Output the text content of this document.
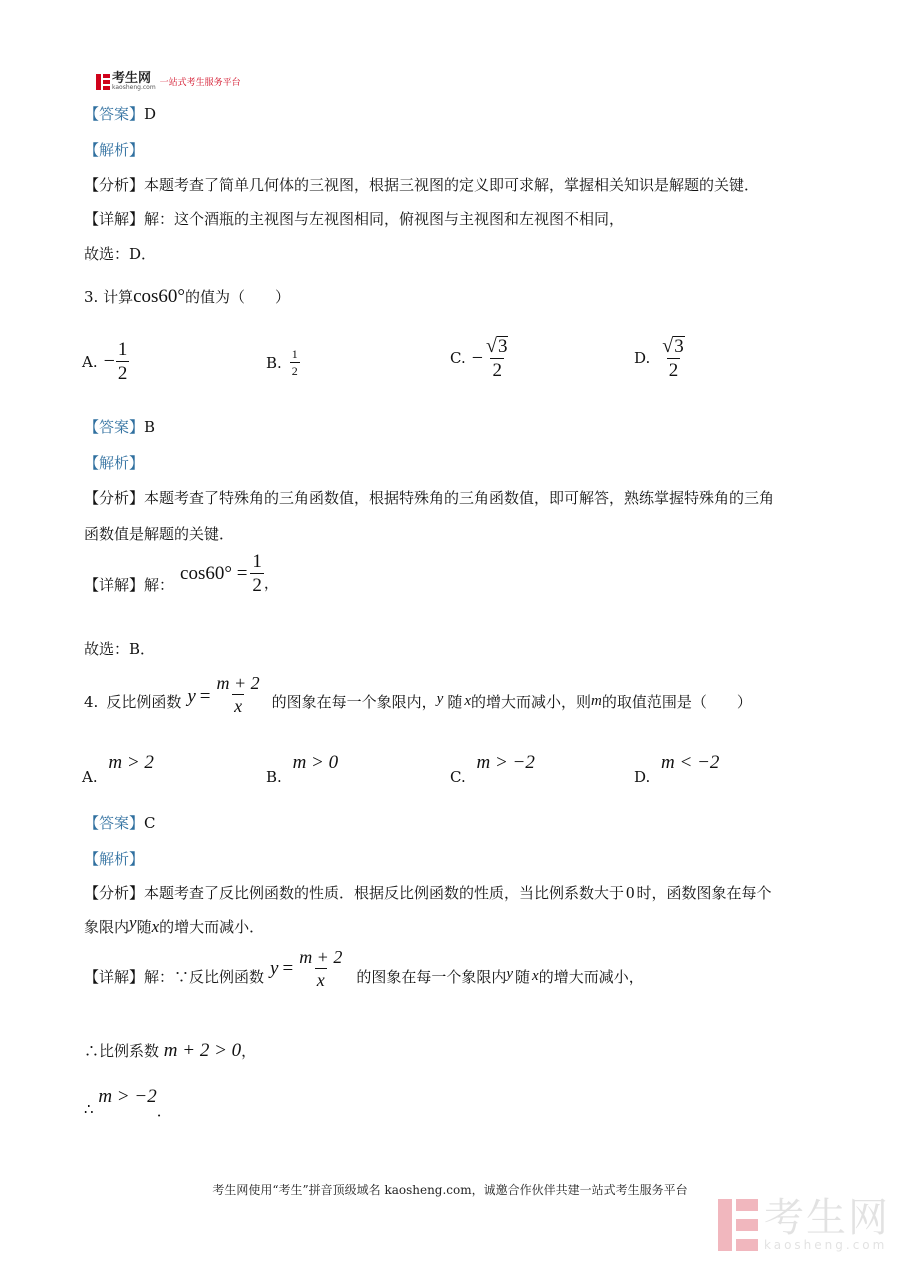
考生网
kaosheng.com 一站式考生服务平台
【答案】D
【解析】
【分析】本题考查了简单几何体的三视图，根据三视图的定义即可求解，掌握相关知识是解题的关键．
【详解】解：这个酒瓶的主视图与左视图相同，俯视图与主视图和左视图不相同，
故选：D．
3. 计算cos60°的值为（　　）
A. − $\frac{1}{2}$	B. $\frac{1}{2}$	C. − $\frac{√ 3}{2}$	D. $\frac{√ 3}{2}$
【答案】B
【解析】
【分析】本题考查了特殊角的三角函数值，根据特殊角的三角函数值，即可解答，熟练掌握特殊角的三角
函数值是解题的关键．
【详解】 解：
$\cos 60^\circ = \frac{1}{2}$ ，
故选：B．
4. 反比例函数 $y = \frac{m + 2}{x}$ 的图象在每一个象限内， y 随 x 的增大而减小，则 m 的取值范围是（　　）
A. m > 2
B. m > 0
C. m > −2
D. m < −2
【答案】C
【解析】
【分析】本题考查了反比例函数的性质．根据反比例函数的性质，当比例系数大于 0 时，函数图象在每个
象限内y随x的增大而减小．
【详解】 解：∵反比例函数 $y = \frac{m + 2}{x}$ 的图象在每一个象限内 y 随 x 的增大而减小，
∴比例系数 m + 2 > 0，
∴ m > −2．
考生网使用“考生”拼音顶级域名 kaosheng.com，诚邀合作伙伴共建一站式考生服务平台
考生网
kaosheng.com
